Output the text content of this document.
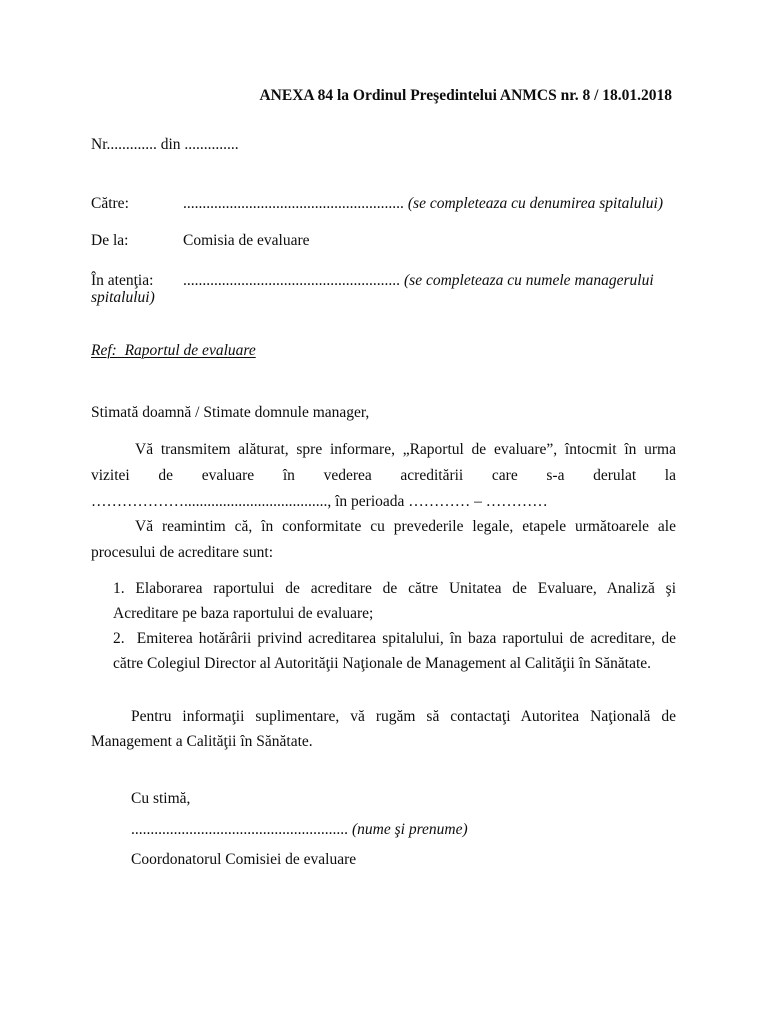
ANEXA 84 la Ordinul Preşedintelui ANMCS nr. 8 / 18.01.2018
Nr............. din ..............
Către:	......................................................... (se completeaza cu denumirea spitalului)
De la:	Comisia de evaluare
În atenţia: ........................................................ (se completeaza cu numele managerului
spitalului)
Ref:  Raportul de evaluare
Stimată doamnă / Stimate domnule manager,
Vă transmitem alăturat, spre informare, „Raportul de evaluare”, întocmit în urma
vizitei de evaluare în vederea acreditării care s-a derulat la
………………....................................., în perioada ………… – …………
Vă reamintim că, în conformitate cu prevederile legale, etapele următoarele ale
procesului de acreditare sunt:
1. Elaborarea raportului de acreditare de către Unitatea de Evaluare, Analiză şi
Acreditare pe baza raportului de evaluare;
2.  Emiterea hotărârii privind acreditarea spitalului, în baza raportului de acreditare, de
către Colegiul Director al Autorităţii Naţionale de Management al Calităţii în Sănătate.
Pentru informaţii suplimentare, vă rugăm să contactaţi Autoritea Naţională de
Management a Calităţii în Sănătate.
Cu stimă,
........................................................ (nume şi prenume)
Coordonatorul Comisiei de evaluare
